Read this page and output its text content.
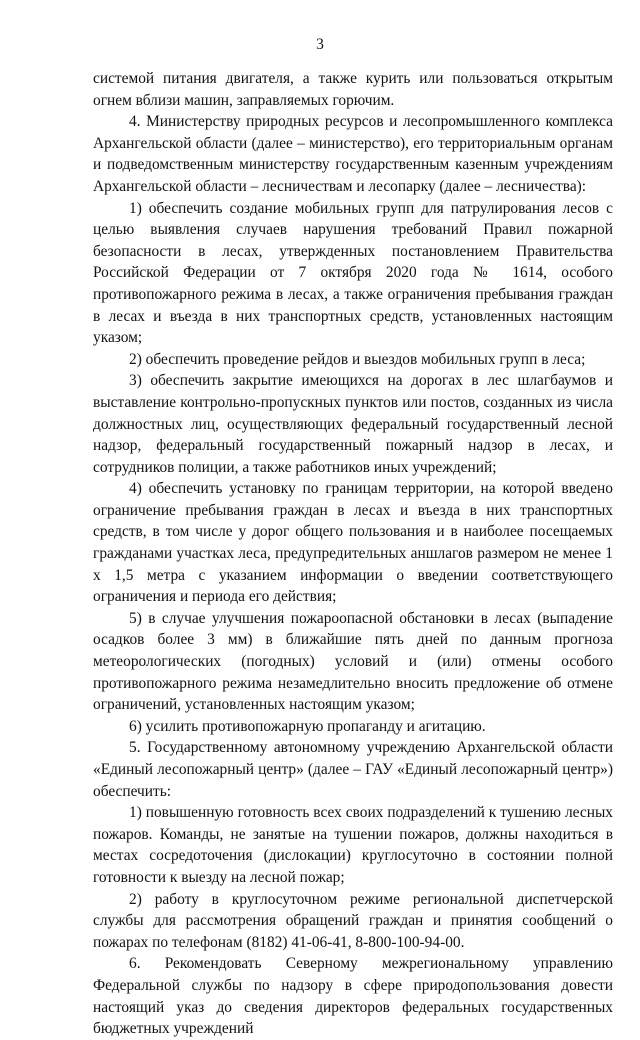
3

системой питания двигателя, а также курить или пользоваться открытым огнем вблизи машин, заправляемых горючим.

4. Министерству природных ресурсов и лесопромышленного комплекса Архангельской области (далее – министерство), его территориальным органам и подведомственным министерству государственным казенным учреждениям Архангельской области – лесничествам и лесопарку (далее – лесничества):

1) обеспечить создание мобильных групп для патрулирования лесов с целью выявления случаев нарушения требований Правил пожарной безопасности в лесах, утвержденных постановлением Правительства Российской Федерации от 7 октября 2020 года № 1614, особого противопожарного режима в лесах, а также ограничения пребывания граждан в лесах и въезда в них транспортных средств, установленных настоящим указом;

2) обеспечить проведение рейдов и выездов мобильных групп в леса;

3) обеспечить закрытие имеющихся на дорогах в лес шлагбаумов и выставление контрольно-пропускных пунктов или постов, созданных из числа должностных лиц, осуществляющих федеральный государственный лесной надзор, федеральный государственный пожарный надзор в лесах, и сотрудников полиции, а также работников иных учреждений;

4) обеспечить установку по границам территории, на которой введено ограничение пребывания граждан в лесах и въезда в них транспортных средств, в том числе у дорог общего пользования и в наиболее посещаемых гражданами участках леса, предупредительных аншлагов размером не менее 1 х 1,5 метра с указанием информации о введении соответствующего ограничения и периода его действия;

5) в случае улучшения пожароопасной обстановки в лесах (выпадение осадков более 3 мм) в ближайшие пять дней по данным прогноза метеорологических (погодных) условий и (или) отмены особого противопожарного режима незамедлительно вносить предложение об отмене ограничений, установленных настоящим указом;

6) усилить противопожарную пропаганду и агитацию.

5. Государственному автономному учреждению Архангельской области «Единый лесопожарный центр» (далее – ГАУ «Единый лесопожарный центр») обеспечить:

1) повышенную готовность всех своих подразделений к тушению лесных пожаров. Команды, не занятые на тушении пожаров, должны находиться в местах сосредоточения (дислокации) круглосуточно в состоянии полной готовности к выезду на лесной пожар;

2) работу в круглосуточном режиме региональной диспетчерской службы для рассмотрения обращений граждан и принятия сообщений о пожарах по телефонам (8182) 41-06-41, 8-800-100-94-00.

6. Рекомендовать Северному межрегиональному управлению Федеральной службы по надзору в сфере природопользования довести настоящий указ до сведения директоров федеральных государственных бюджетных учреждений
